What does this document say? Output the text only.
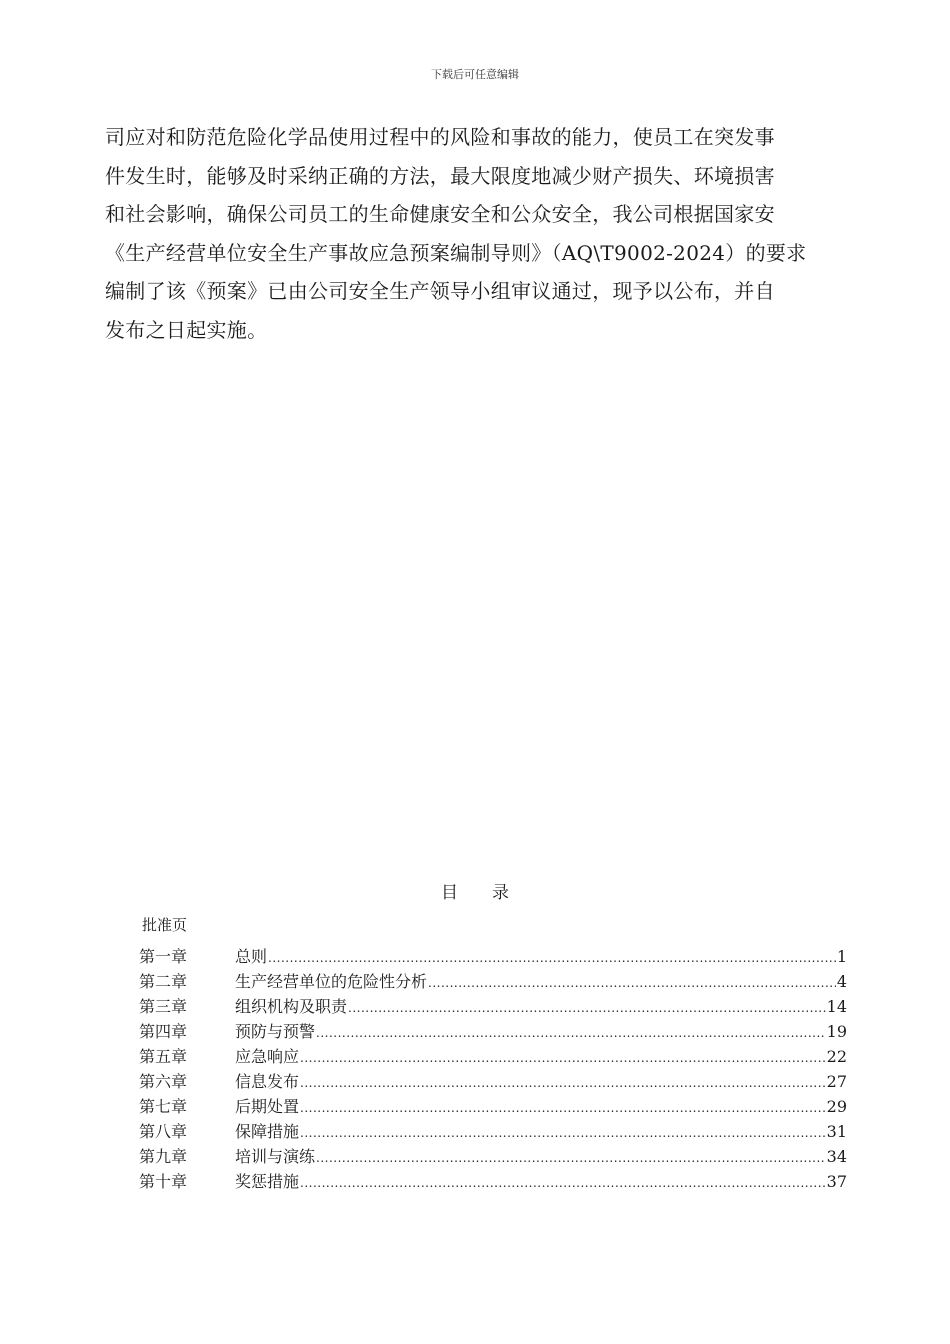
下载后可任意编辑
司应对和防范危险化学品使用过程中的风险和事故的能力，使员工在突发事
件发生时，能够及时采纳正确的方法，最大限度地减少财产损失、环境损害
和社会影响，确保公司员工的生命健康安全和公众安全，我公司根据国家安
《生产经营单位安全生产事故应急预案编制导则》（AQ\T9002-2024）的要求
编制了该《预案》已由公司安全生产领导小组审议通过，现予以公布，并自
发布之日起实施。
目 录
批准页
第一章	总则 .....	1
第二章	生产经营单位的危险性分析 .....	4
第三章	组织机构及职责 .....	14
第四章	预防与预警 .....	19
第五章	应急响应 .....	22
第六章	信息发布 .....	27
第七章	后期处置 .....	29
第八章	保障措施 .....	31
第九章	培训与演练 .....	34
第十章	奖惩措施 .....	37
